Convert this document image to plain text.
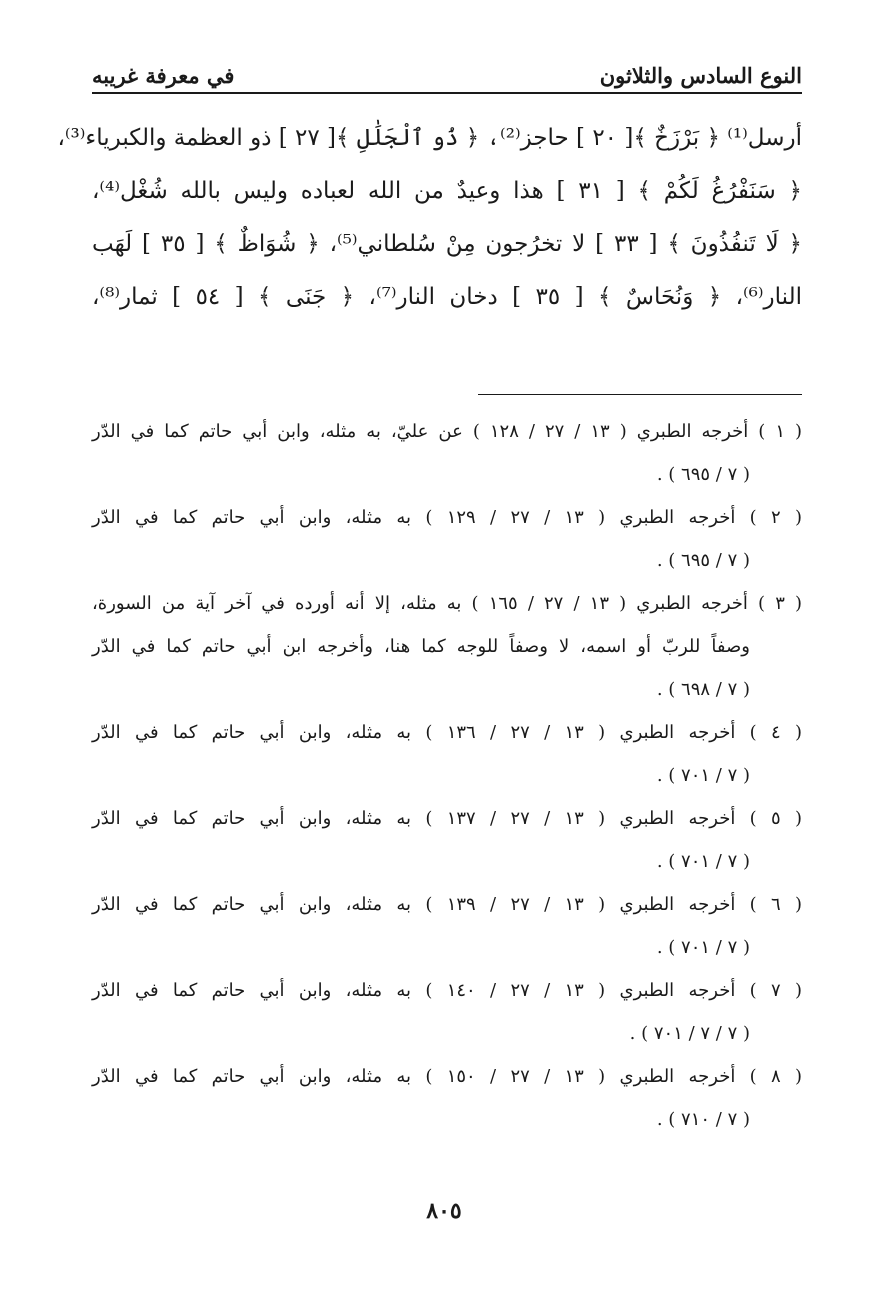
النوع السادس والثلاثون
في معرفة غريبه
أرسل⁽¹⁾ ﴿ بَرْزَخٌ ﴾[ ٢٠ ] حاجز⁽²⁾، ﴿ ذُو ٱلْجَلَٰلِ ﴾[ ٢٧ ] ذو العظمة والكبرياء⁽³⁾،
﴿ سَنَفْرُغُ لَكُمْ ﴾ [ ٣١ ] هذا وعيدٌ من الله لعباده وليس بالله شُغْل⁽⁴⁾،
﴿ لَا تَنفُذُونَ ﴾ [ ٣٣ ] لا تخرُجون مِنْ سُلطاني⁽⁵⁾، ﴿ شُوَاظٌ ﴾ [ ٣٥ ] لَهَب
النار⁽⁶⁾، ﴿ وَنُحَاسٌ ﴾ [ ٣٥ ] دخان النار⁽⁷⁾، ﴿ جَنَى ﴾ [ ٥٤ ] ثمار⁽⁸⁾،
( ١ ) أخرجه الطبري ( ١٣ / ٢٧ / ١٢٨ ) عن عليّ، به مثله، وابن أبي حاتم كما في الدّر
( ٧ / ٦٩٥ ) .
( ٢ ) أخرجه الطبري ( ١٣ / ٢٧ / ١٢٩ ) به مثله، وابن أبي حاتم كما في الدّر
( ٧ / ٦٩٥ ) .
( ٣ ) أخرجه الطبري ( ١٣ / ٢٧ / ١٦٥ ) به مثله، إلا أنه أورده في آخر آية من السورة،
وصفاً للربّ أو اسمه، لا وصفاً للوجه كما هنا، وأخرجه ابن أبي حاتم كما في الدّر
( ٧ / ٦٩٨ ) .
( ٤ ) أخرجه الطبري ( ١٣ / ٢٧ / ١٣٦ ) به مثله، وابن أبي حاتم كما في الدّر
( ٧ / ٧٠١ ) .
( ٥ ) أخرجه الطبري ( ١٣ / ٢٧ / ١٣٧ ) به مثله، وابن أبي حاتم كما في الدّر
( ٧ / ٧٠١ ) .
( ٦ ) أخرجه الطبري ( ١٣ / ٢٧ / ١٣٩ ) به مثله، وابن أبي حاتم كما في الدّر
( ٧ / ٧٠١ ) .
( ٧ ) أخرجه الطبري ( ١٣ / ٢٧ / ١٤٠ ) به مثله، وابن أبي حاتم كما في الدّر
( ٧ / ٧ / ٧٠١ ) .
( ٨ ) أخرجه الطبري ( ١٣ / ٢٧ / ١٥٠ ) به مثله، وابن أبي حاتم كما في الدّر
( ٧ / ٧١٠ ) .
٨٠٥
